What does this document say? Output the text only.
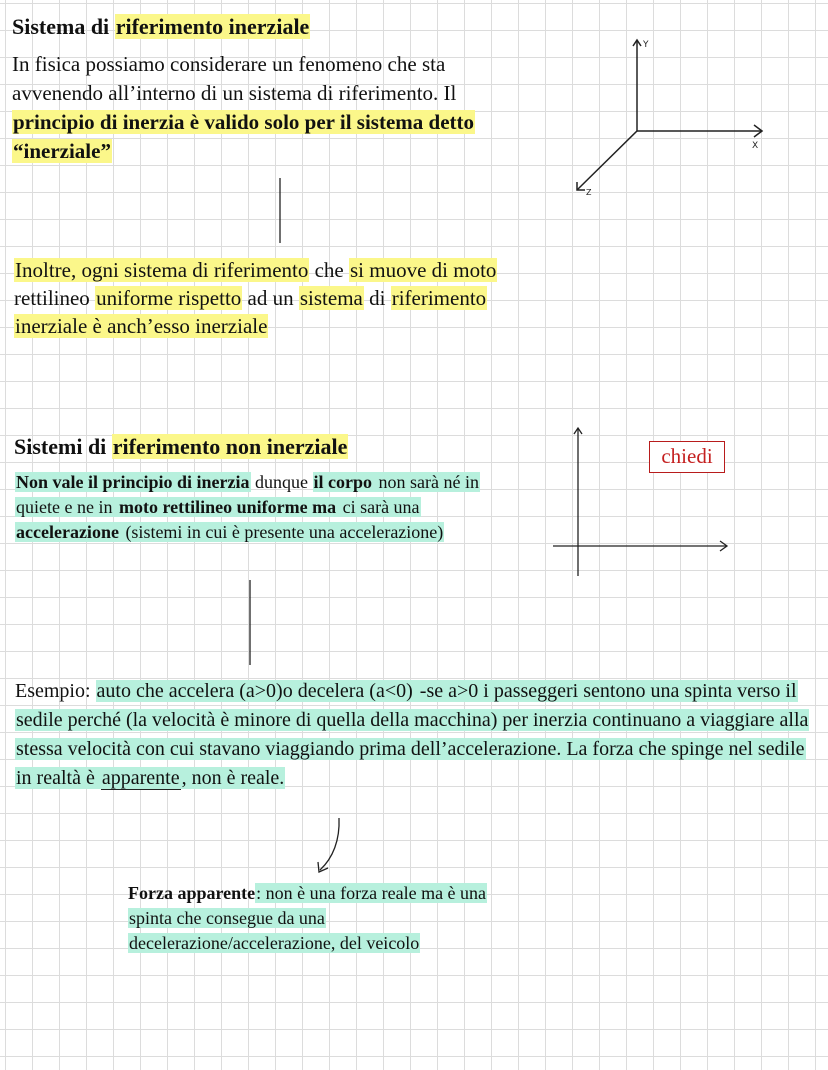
Sistema di riferimento inerziale

In fisica possiamo considerare un fenomeno che sta avvenendo all’interno di un sistema di riferimento. Il principio di inerzia è valido solo per il sistema detto “inerziale”

Y
X
Z

Inoltre, ogni sistema di riferimento che si muove di moto rettilineo uniforme rispetto ad un sistema di riferimento inerziale è anch’esso inerziale

Sistemi di riferimento non inerziale	chiedi

Non vale il principio di inerzia dunque il corpo non sarà né in quiete e ne in moto rettilineo uniforme ma ci sarà una accelerazione (sistemi in cui è presente una accelerazione)

Esempio: auto che accelera (a>0)o decelera (a<0) -se a>0 i passeggeri sentono una spinta verso il sedile perché (la velocità è minore di quella della macchina) per inerzia continuano a viaggiare alla stessa velocità con cui stavano viaggiando prima dell’accelerazione. La forza che spinge nel sedile in realtà è apparente , non è reale.

Forza apparente: non è una forza reale ma è una spinta che consegue da una decelerazione/accelerazione, del veicolo
